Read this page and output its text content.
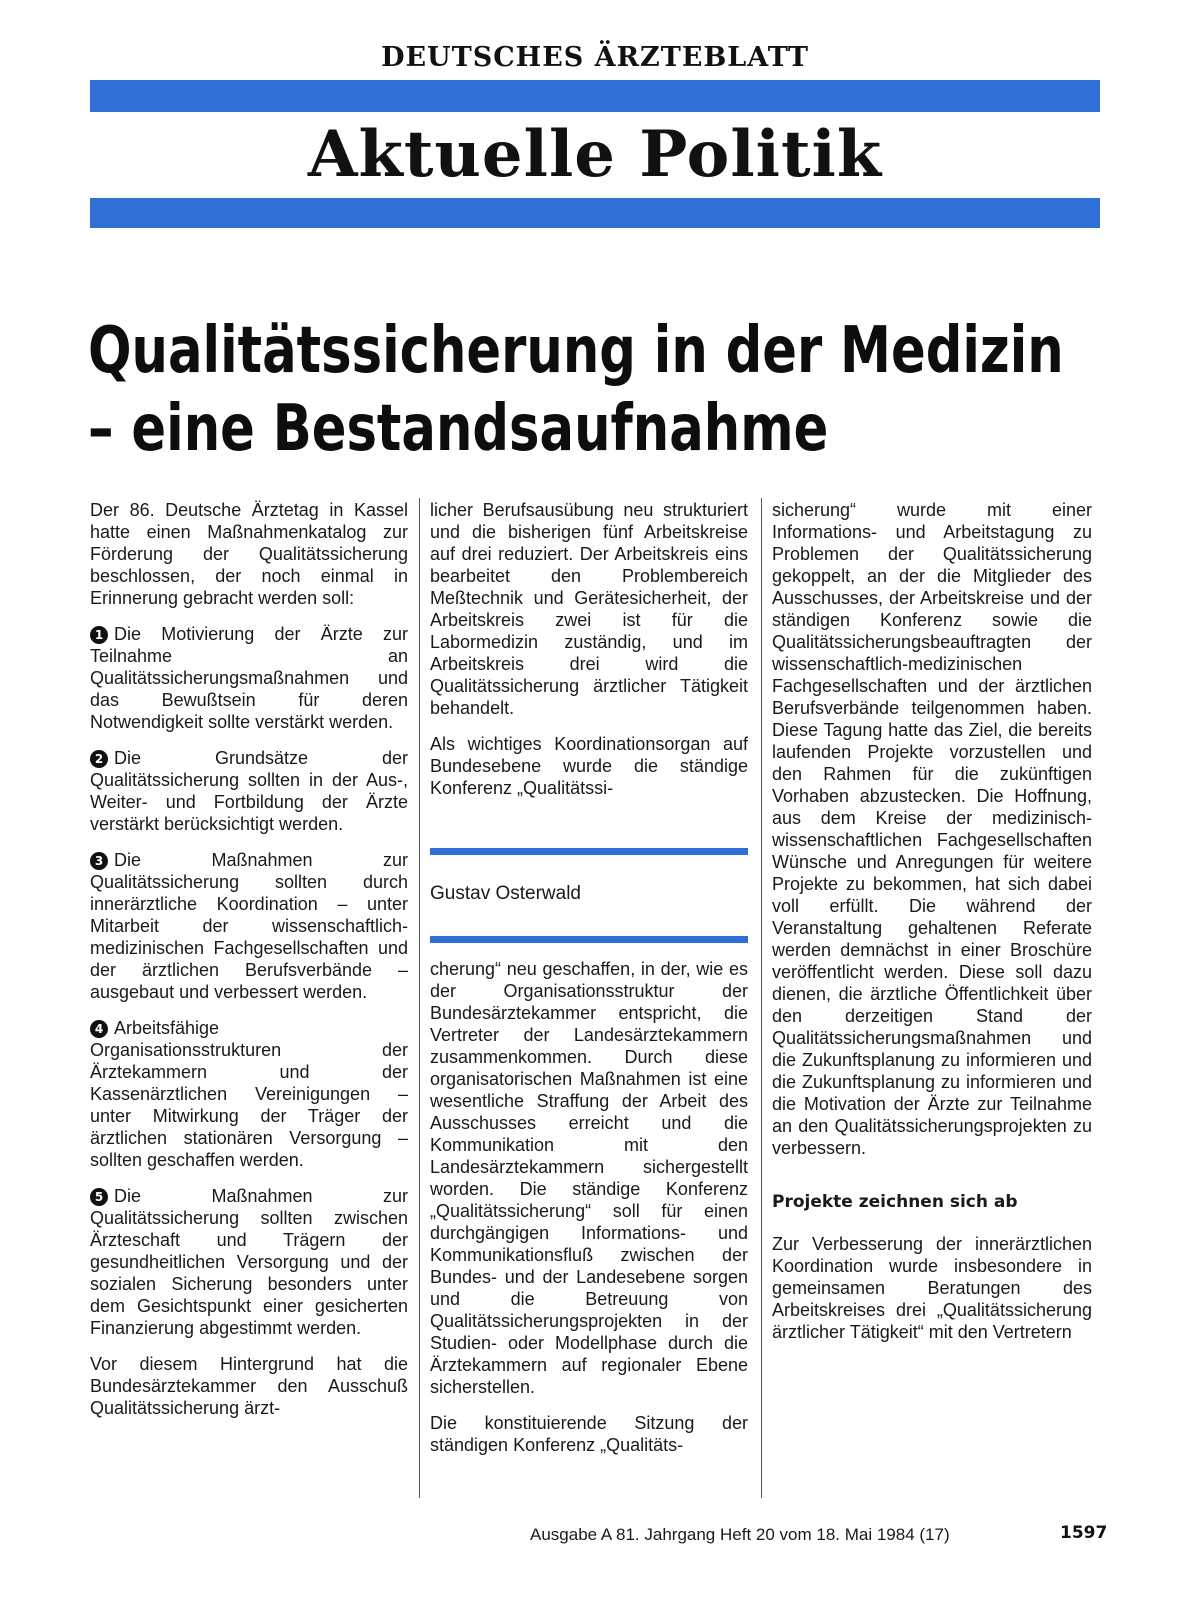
DEUTSCHES ÄRZTEBLATT
Aktuelle Politik
Qualitätssicherung in der Medizin
– eine Bestandsaufnahme

Der 86. Deutsche Ärztetag in Kassel hatte einen Maßnahmenkatalog zur Förderung der Qualitätssicherung beschlossen, der noch einmal in Erinnerung gebracht werden soll:

1 Die Motivierung der Ärzte zur Teilnahme an Qualitätssicherungsmaßnahmen und das Bewußtsein für deren Notwendigkeit sollte verstärkt werden.

2 Die Grundsätze der Qualitätssicherung sollten in der Aus-, Weiter- und Fortbildung der Ärzte verstärkt berücksichtigt werden.

3 Die Maßnahmen zur Qualitätssicherung sollten durch innerärztliche Koordination – unter Mitarbeit der wissenschaftlich-medizinischen Fachgesellschaften und der ärztlichen Berufsverbände – ausgebaut und verbessert werden.

4 Arbeitsfähige Organisationsstrukturen der Ärztekammern und der Kassenärztlichen Vereinigungen – unter Mitwirkung der Träger der ärztlichen stationären Versorgung – sollten geschaffen werden.

5 Die Maßnahmen zur Qualitätssicherung sollten zwischen Ärzteschaft und Trägern der gesundheitlichen Versorgung und der sozialen Sicherung besonders unter dem Gesichtspunkt einer gesicherten Finanzierung abgestimmt werden.

Vor diesem Hintergrund hat die Bundesärztekammer den Ausschuß Qualitätssicherung ärzt-

licher Berufsausübung neu strukturiert und die bisherigen fünf Arbeitskreise auf drei reduziert. Der Arbeitskreis eins bearbeitet den Problembereich Meßtechnik und Gerätesicherheit, der Arbeitskreis zwei ist für die Labormedizin zuständig, und im Arbeitskreis drei wird die Qualitätssicherung ärztlicher Tätigkeit behandelt.

Als wichtiges Koordinationsorgan auf Bundesebene wurde die ständige Konferenz „Qualitätssi-

Gustav Osterwald

cherung“ neu geschaffen, in der, wie es der Organisationsstruktur der Bundesärztekammer entspricht, die Vertreter der Landesärztekammern zusammenkommen. Durch diese organisatorischen Maßnahmen ist eine wesentliche Straffung der Arbeit des Ausschusses erreicht und die Kommunikation mit den Landesärztekammern sichergestellt worden. Die ständige Konferenz „Qualitätssicherung“ soll für einen durchgängigen Informations- und Kommunikationsfluß zwischen der Bundes- und der Landesebene sorgen und die Betreuung von Qualitätssicherungsprojekten in der Studien- oder Modellphase durch die Ärztekammern auf regionaler Ebene sicherstellen.

Die konstituierende Sitzung der ständigen Konferenz „Qualitäts-

sicherung“ wurde mit einer Informations- und Arbeitstagung zu Problemen der Qualitätssicherung gekoppelt, an der die Mitglieder des Ausschusses, der Arbeitskreise und der ständigen Konferenz sowie die Qualitätssicherungsbeauftragten der wissenschaftlich-medizinischen Fachgesellschaften und der ärztlichen Berufsverbände teilgenommen haben. Diese Tagung hatte das Ziel, die bereits laufenden Projekte vorzustellen und den Rahmen für die zukünftigen Vorhaben abzustecken. Die Hoffnung, aus dem Kreise der medizinisch-wissenschaftlichen Fachgesellschaften Wünsche und Anregungen für weitere Projekte zu bekommen, hat sich dabei voll erfüllt. Die während der Veranstaltung gehaltenen Referate werden demnächst in einer Broschüre veröffentlicht werden. Diese soll dazu dienen, die ärztliche Öffentlichkeit über den derzeitigen Stand der Qualitätssicherungsmaßnahmen und die Zukunftsplanung zu informieren und die Zukunftsplanung zu informieren und die Motivation der Ärzte zur Teilnahme an den Qualitätssicherungsprojekten zu verbessern.

Projekte zeichnen sich ab

Zur Verbesserung der innerärztlichen Koordination wurde insbesondere in gemeinsamen Beratungen des Arbeitskreises drei „Qualitätssicherung ärztlicher Tätigkeit“ mit den Vertretern

Ausgabe A 81. Jahrgang Heft 20 vom 18. Mai 1984 (17)	1597
